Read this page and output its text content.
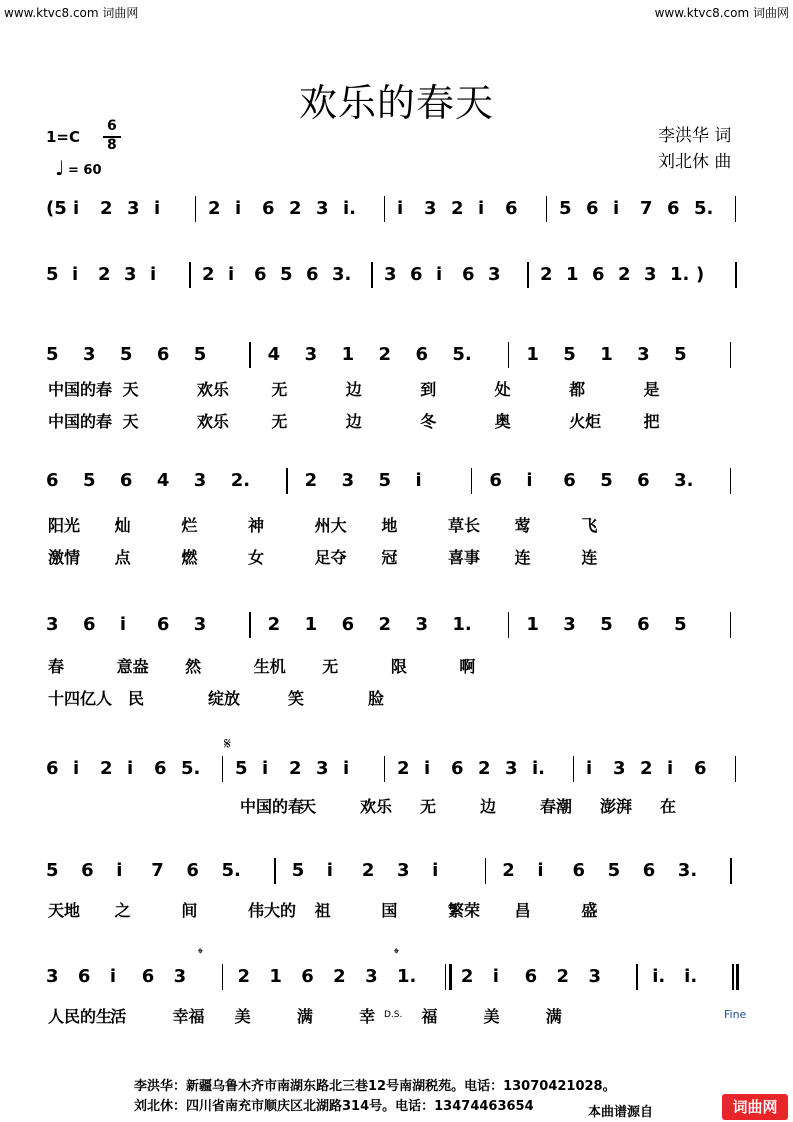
www.ktvc8.com 词曲网	www.ktvc8.com 词曲网
欢乐的春天
1=C
6
8
♩ = 60
李洪华 词
刘北休 曲
(5 i 2 3 i	2 i 6 2 3 i. i 3 2 i 6 5 6 i 7 6 5.
5 i 2 3 i	2 i 6 5 6 3. 3 6 i 6 3 2 1 6 2 3 1. )
5 3 5 6 5	4 3 1 2 6 5.	1 5 1 3 5
6 5 6 4 3 2.	2 3 5 i	6 i 6 5 6 3.
3 6 i 6 3	2 1 6 2 3 1.	1 3 5 6 5
6 i 2 i 6 5. 5 i 2 3 i	2 i 6 2 3 i. i 3 2 i 6
5 6 i 7 6 5.	5 i 2 3 i	2 i 6 5 6 3.
3 6 i 6 3	2 1 6 2 3 1. 2 i 6 2 3	i. i.
中国的春 天	欢乐	无	边	到	处	都	是
中国的春 天	欢乐	无	边	冬	奥	火炬	把
阳光 灿	烂	神	州大 地	草长 莺	飞
激情 点	燃	女	足夺 冠	喜事 连	连
春	意盎 然	生机 无	限	啊
十四亿人 民	绽放	笑	脸
中国的春
天	欢乐 无	边	春潮 澎湃 在
天地 之	间	伟大的 祖	国	繁荣 昌	盛
人民的生
活	幸福 美	满	幸	福	美	满
𝄋
𝄌	𝄌
D.S.	Fine
李洪华：新疆乌鲁木齐市南湖东路北三巷12号南湖税苑。电话：13070421028。
刘北休：四川省南充市顺庆区北湖路314号。电话：13474463654	本曲谱源自	词曲网
